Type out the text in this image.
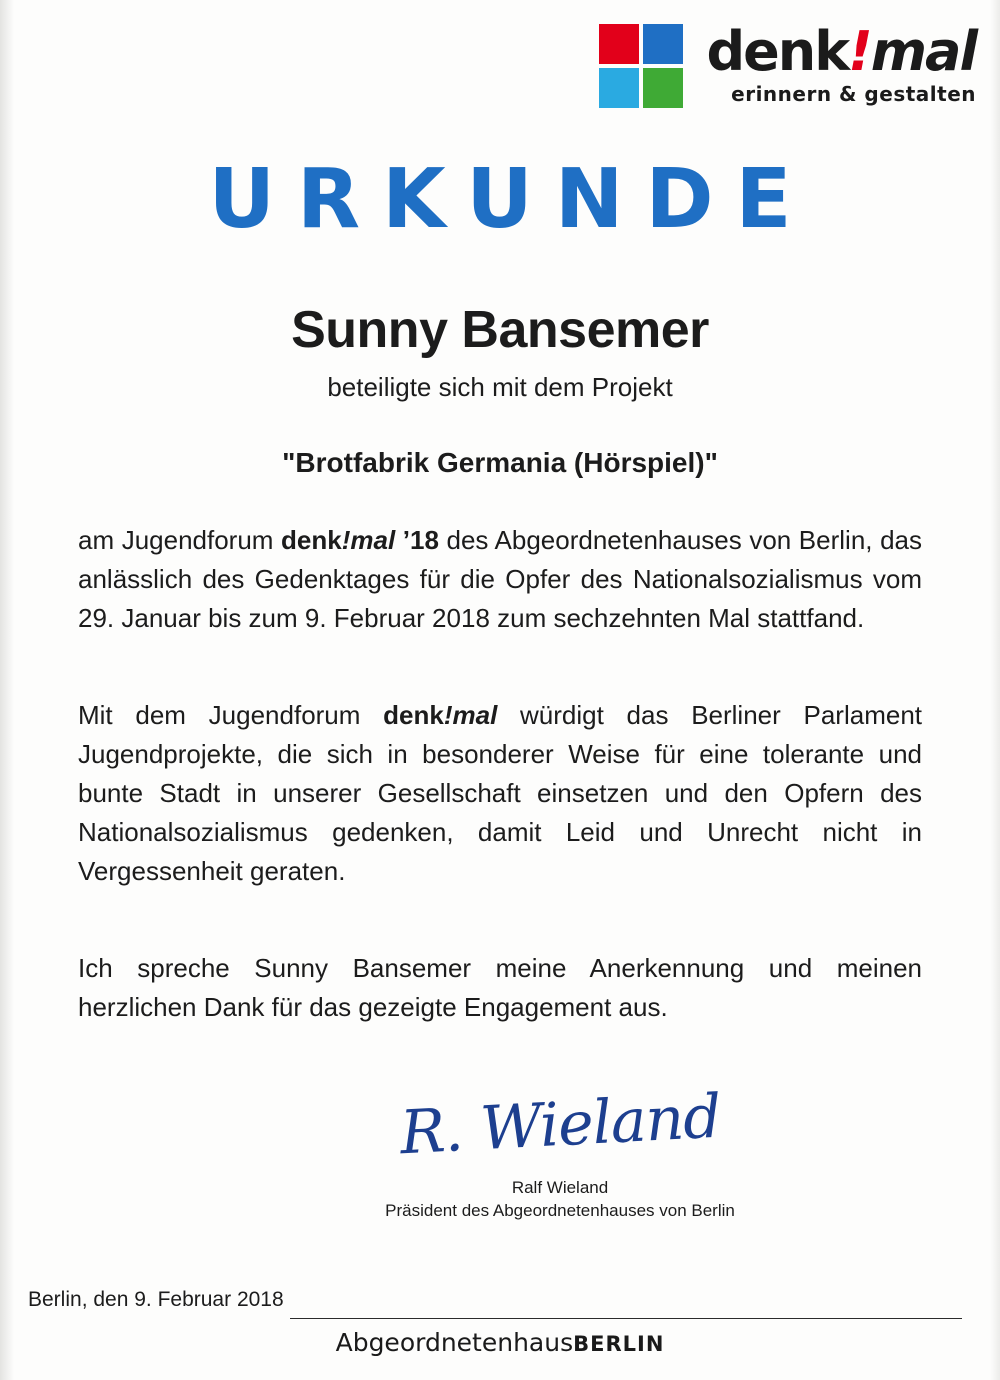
denk!mal
erinnern & gestalten
URKUNDE
Sunny Bansemer
beteiligte sich mit dem Projekt
"Brotfabrik Germania (Hörspiel)"
am Jugendforum denk!mal ’18 des Abgeordnetenhauses von Berlin, das anlässlich des Gedenktages für die Opfer des Nationalsozialismus vom 29. Januar bis zum 9. Februar 2018 zum sechzehnten Mal stattfand.
Mit dem Jugendforum denk!mal würdigt das Berliner Parlament Jugendprojekte, die sich in besonderer Weise für eine tolerante und bunte Stadt in unserer Gesellschaft einsetzen und den Opfern des Nationalsozialismus gedenken, damit Leid und Unrecht nicht in Vergessenheit geraten.
Ich spreche Sunny Bansemer meine Anerkennung und meinen herzlichen Dank für das gezeigte Engagement aus.
R. Wieland
Ralf Wieland
Präsident des Abgeordnetenhauses von Berlin
Berlin, den 9. Februar 2018
AbgeordnetenhausBERLIN
